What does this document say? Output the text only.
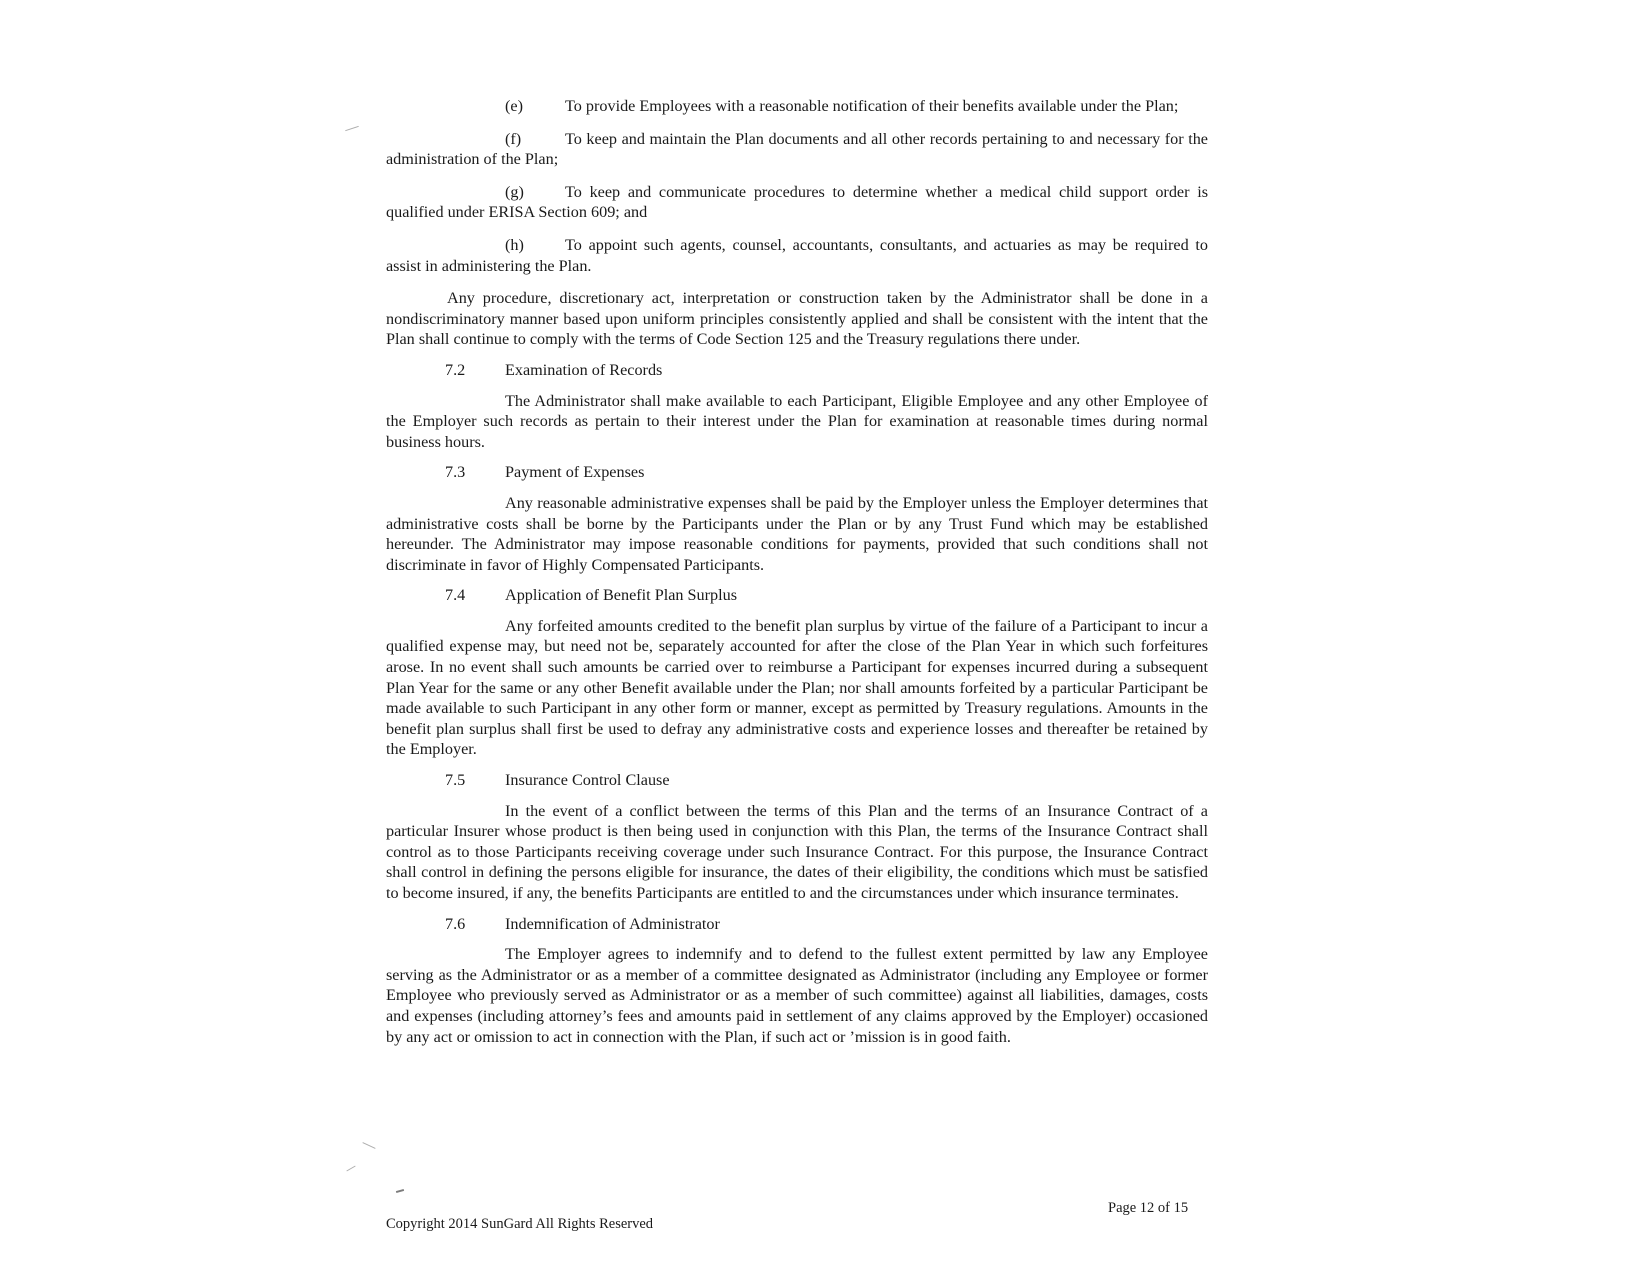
(e)	To provide Employees with a reasonable notification of their benefits available under the Plan;

(f)	To keep and maintain the Plan documents and all other records pertaining to and necessary for the administration of the Plan;

(g)	To keep and communicate procedures to determine whether a medical child support order is qualified under ERISA Section 609; and

(h)	To appoint such agents, counsel, accountants, consultants, and actuaries as may be required to assist in administering the Plan.

Any procedure, discretionary act, interpretation or construction taken by the Administrator shall be done in a nondiscriminatory manner based upon uniform principles consistently applied and shall be consistent with the intent that the Plan shall continue to comply with the terms of Code Section 125 and the Treasury regulations there under.

7.2 Examination of Records

The Administrator shall make available to each Participant, Eligible Employee and any other Employee of the Employer such records as pertain to their interest under the Plan for examination at reasonable times during normal business hours.

7.3 Payment of Expenses

Any reasonable administrative expenses shall be paid by the Employer unless the Employer determines that administrative costs shall be borne by the Participants under the Plan or by any Trust Fund which may be established hereunder. The Administrator may impose reasonable conditions for payments, provided that such conditions shall not discriminate in favor of Highly Compensated Participants.

7.4 Application of Benefit Plan Surplus

Any forfeited amounts credited to the benefit plan surplus by virtue of the failure of a Participant to incur a qualified expense may, but need not be, separately accounted for after the close of the Plan Year in which such forfeitures arose. In no event shall such amounts be carried over to reimburse a Participant for expenses incurred during a subsequent Plan Year for the same or any other Benefit available under the Plan; nor shall amounts forfeited by a particular Participant be made available to such Participant in any other form or manner, except as permitted by Treasury regulations. Amounts in the benefit plan surplus shall first be used to defray any administrative costs and experience losses and thereafter be retained by the Employer.

7.5 Insurance Control Clause

In the event of a conflict between the terms of this Plan and the terms of an Insurance Contract of a particular Insurer whose product is then being used in conjunction with this Plan, the terms of the Insurance Contract shall control as to those Participants receiving coverage under such Insurance Contract. For this purpose, the Insurance Contract shall control in defining the persons eligible for insurance, the dates of their eligibility, the conditions which must be satisfied to become insured, if any, the benefits Participants are entitled to and the circumstances under which insurance terminates.

7.6 Indemnification of Administrator

The Employer agrees to indemnify and to defend to the fullest extent permitted by law any Employee serving as the Administrator or as a member of a committee designated as Administrator (including any Employee or former Employee who previously served as Administrator or as a member of such committee) against all liabilities, damages, costs and expenses (including attorney’s fees and amounts paid in settlement of any claims approved by the Employer) occasioned by any act or omission to act in connection with the Plan, if such act or ’mission is in good faith.

Page 12 of 15
Copyright 2014 SunGard All Rights Reserved
